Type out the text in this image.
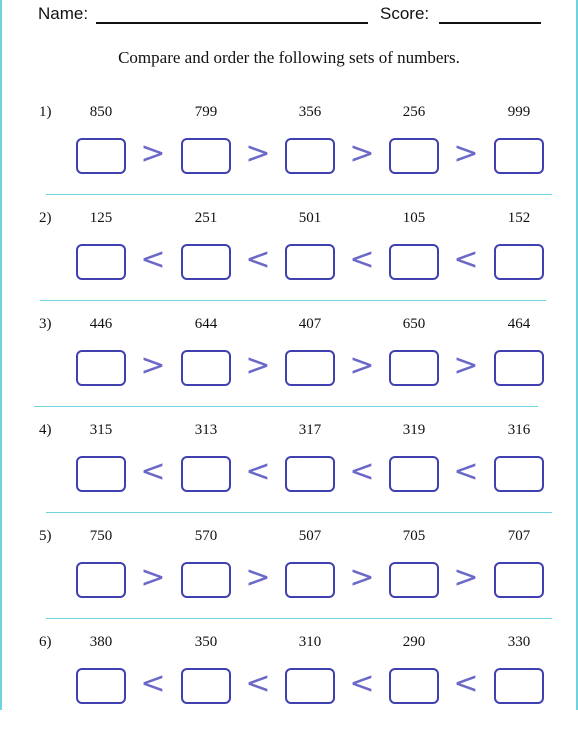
Name:	Score:
Compare and order the following sets of numbers.
1)	850
>
799
>
356
>
256
>
999
2)	125
<
251
<
501
<
105
<
152
3)	446
>
644
>
407
>
650
>
464
4)	315
<
313
<
317
<
319
<
316
5)	750
>
570
>
507
>
705
>
707
6)	380
<
350
<
310
<
290
<
330
